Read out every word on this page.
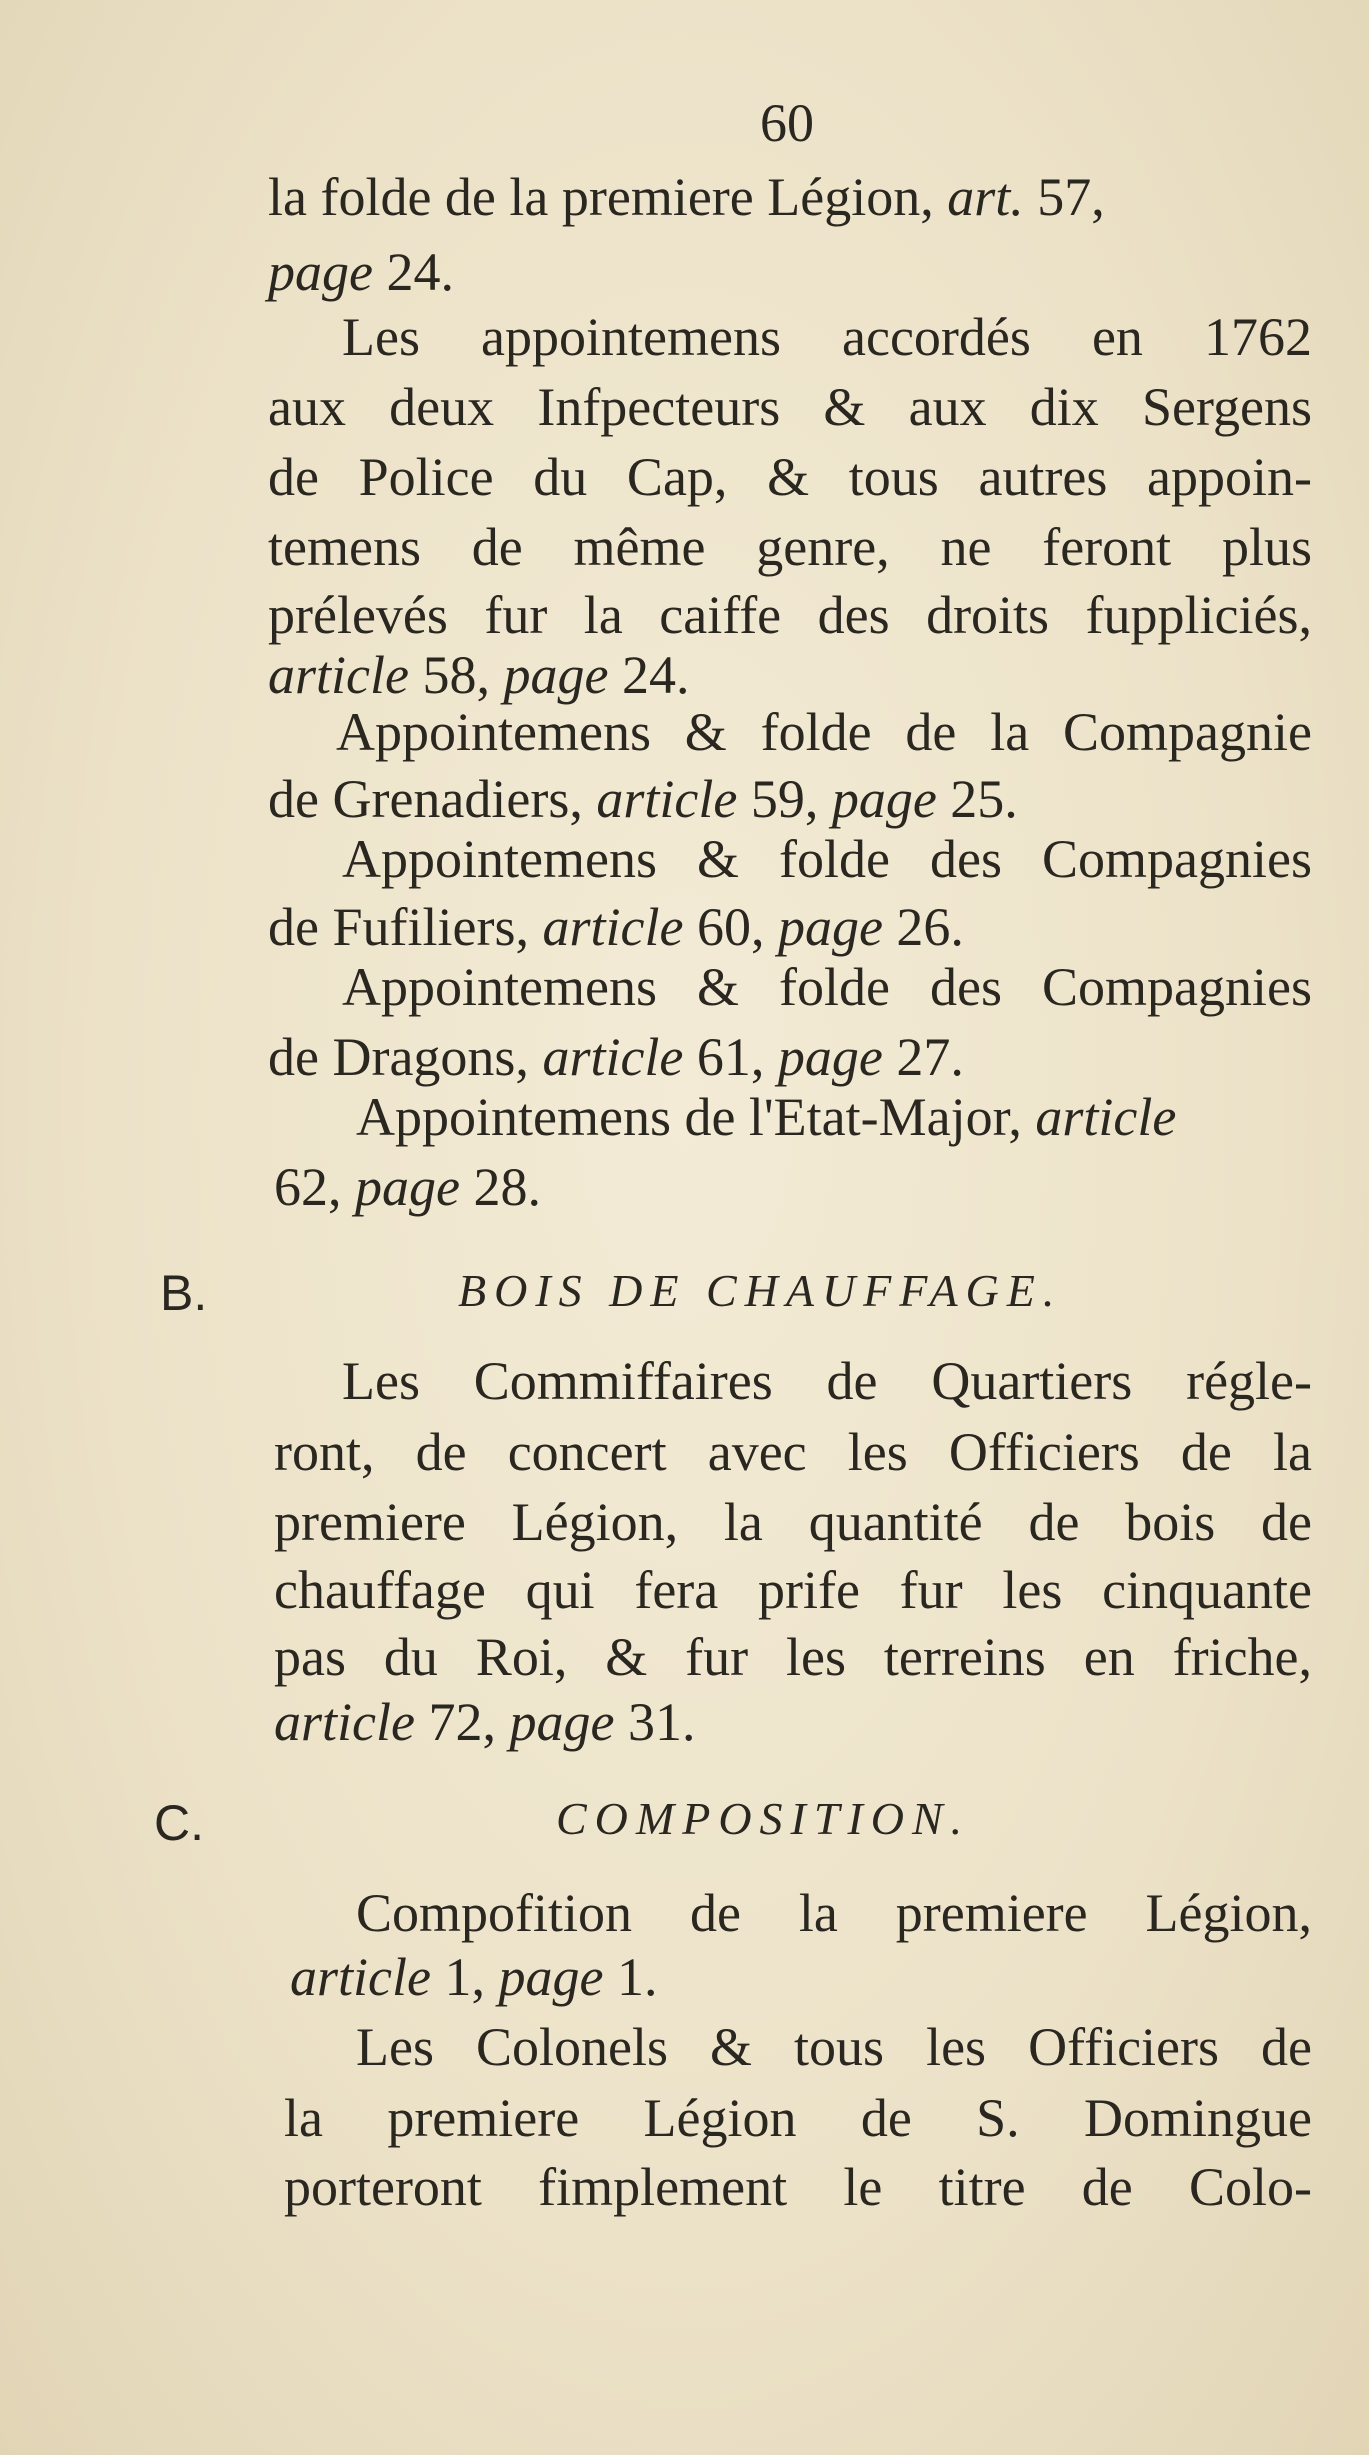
60
la folde de la premiere Légion, art. 57,
page 24.
Les appointemens accordés en 1762
aux deux Infpecteurs & aux dix Sergens
de Police du Cap, & tous autres appoin-
temens de même genre, ne feront plus
prélevés fur la caiffe des droits fuppliciés,
article 58, page 24.
Appointemens & folde de la Compagnie
de Grenadiers, article 59, page 25.
Appointemens & folde des Compagnies
de Fufiliers, article 60, page 26.
Appointemens & folde des Compagnies
de Dragons, article 61, page 27.
Appointemens de l'Etat-Major, article
62, page 28.
B.	BOIS DE CHAUFFAGE.
Les Commiffaires de Quartiers régle-
ront, de concert avec les Officiers de la
premiere Légion, la quantité de bois de
chauffage qui fera prife fur les cinquante
pas du Roi, & fur les terreins en friche,
article 72, page 31.
C.	COMPOSITION.
Compofition de la premiere Légion,
article 1, page 1.
Les Colonels & tous les Officiers de
la premiere Légion de S. Domingue
porteront fimplement le titre de Colo-
